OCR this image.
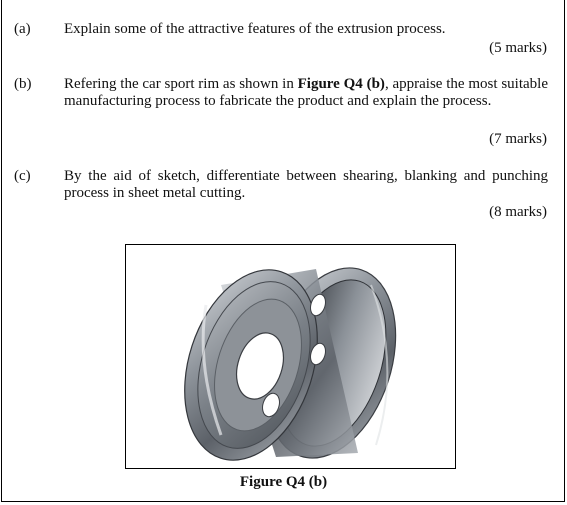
(a) Explain some of the attractive features of the extrusion process.
(5 marks)
(b) Refering the car sport rim as shown in Figure Q4 (b), appraise the most suitable manufacturing process to fabricate the product and explain the process.
(7 marks)
(c) By the aid of sketch, differentiate between shearing, blanking and punching process in sheet metal cutting.
(8 marks)
Figure Q4 (b)
